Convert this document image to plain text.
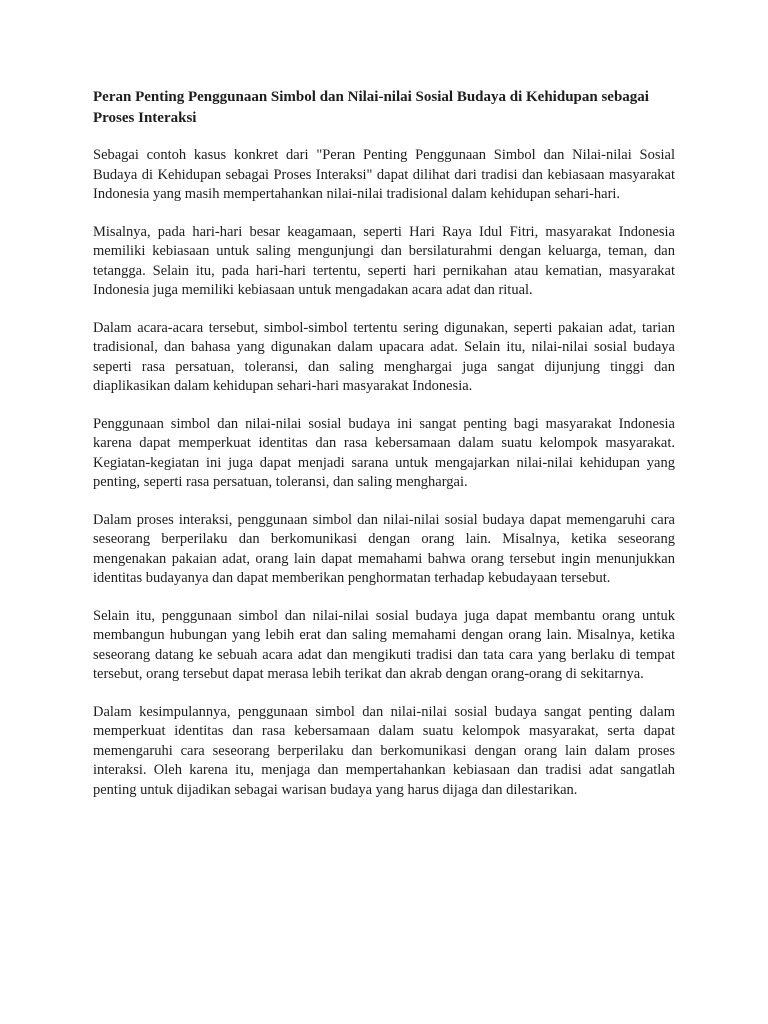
Peran Penting Penggunaan Simbol dan Nilai-nilai Sosial Budaya di Kehidupan sebagai Proses Interaksi

Sebagai contoh kasus konkret dari "Peran Penting Penggunaan Simbol dan Nilai-nilai Sosial Budaya di Kehidupan sebagai Proses Interaksi" dapat dilihat dari tradisi dan kebiasaan masyarakat Indonesia yang masih mempertahankan nilai-nilai tradisional dalam kehidupan sehari-hari.

Misalnya, pada hari-hari besar keagamaan, seperti Hari Raya Idul Fitri, masyarakat Indonesia memiliki kebiasaan untuk saling mengunjungi dan bersilaturahmi dengan keluarga, teman, dan tetangga. Selain itu, pada hari-hari tertentu, seperti hari pernikahan atau kematian, masyarakat Indonesia juga memiliki kebiasaan untuk mengadakan acara adat dan ritual.

Dalam acara-acara tersebut, simbol-simbol tertentu sering digunakan, seperti pakaian adat, tarian tradisional, dan bahasa yang digunakan dalam upacara adat. Selain itu, nilai-nilai sosial budaya seperti rasa persatuan, toleransi, dan saling menghargai juga sangat dijunjung tinggi dan diaplikasikan dalam kehidupan sehari-hari masyarakat Indonesia.

Penggunaan simbol dan nilai-nilai sosial budaya ini sangat penting bagi masyarakat Indonesia karena dapat memperkuat identitas dan rasa kebersamaan dalam suatu kelompok masyarakat. Kegiatan-kegiatan ini juga dapat menjadi sarana untuk mengajarkan nilai-nilai kehidupan yang penting, seperti rasa persatuan, toleransi, dan saling menghargai.

Dalam proses interaksi, penggunaan simbol dan nilai-nilai sosial budaya dapat memengaruhi cara seseorang berperilaku dan berkomunikasi dengan orang lain. Misalnya, ketika seseorang mengenakan pakaian adat, orang lain dapat memahami bahwa orang tersebut ingin menunjukkan identitas budayanya dan dapat memberikan penghormatan terhadap kebudayaan tersebut.

Selain itu, penggunaan simbol dan nilai-nilai sosial budaya juga dapat membantu orang untuk membangun hubungan yang lebih erat dan saling memahami dengan orang lain. Misalnya, ketika seseorang datang ke sebuah acara adat dan mengikuti tradisi dan tata cara yang berlaku di tempat tersebut, orang tersebut dapat merasa lebih terikat dan akrab dengan orang-orang di sekitarnya.

Dalam kesimpulannya, penggunaan simbol dan nilai-nilai sosial budaya sangat penting dalam memperkuat identitas dan rasa kebersamaan dalam suatu kelompok masyarakat, serta dapat memengaruhi cara seseorang berperilaku dan berkomunikasi dengan orang lain dalam proses interaksi. Oleh karena itu, menjaga dan mempertahankan kebiasaan dan tradisi adat sangatlah penting untuk dijadikan sebagai warisan budaya yang harus dijaga dan dilestarikan.
